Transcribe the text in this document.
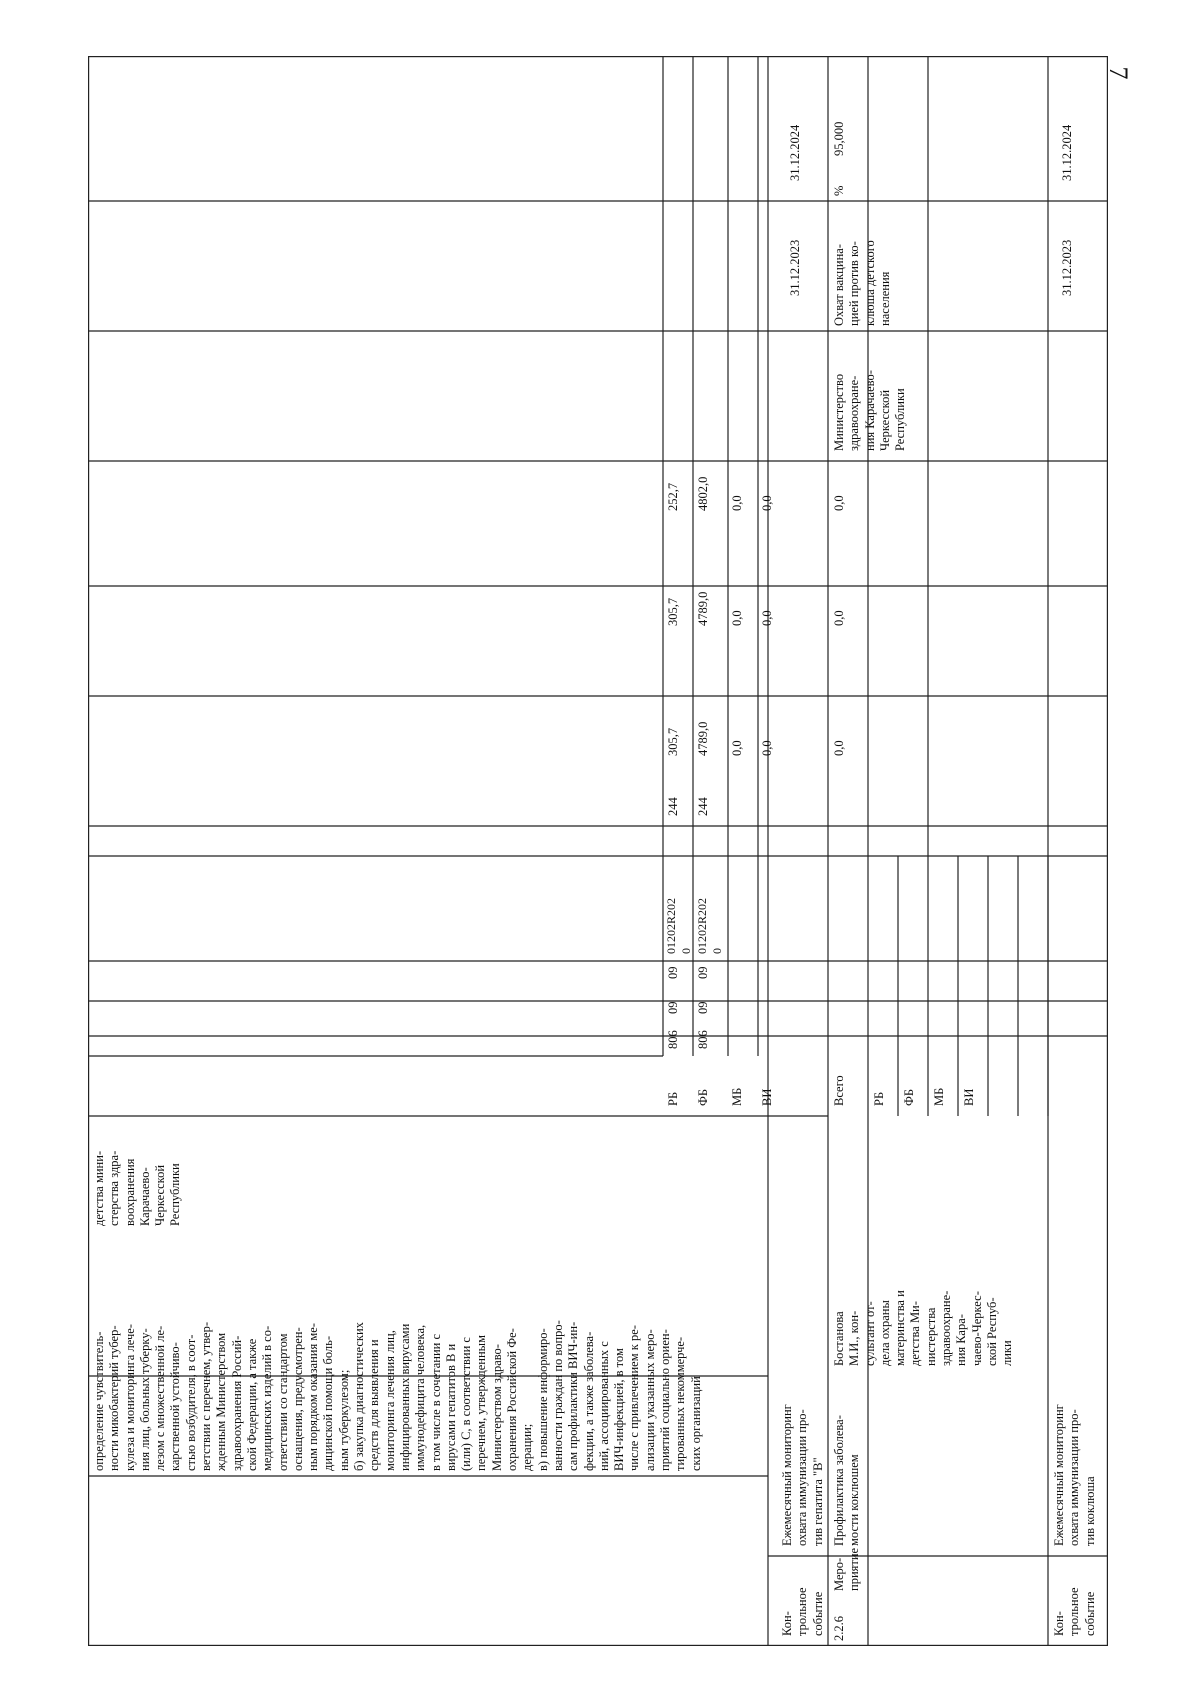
7
определение чувствитель-
ности микобактерий тубер-
кулеза и мониторинга лече-
ния лиц, больных туберку-
лезом с множественной ле-
карственной устойчиво-
стью возбудителя, в соот-
ветствии с перечнем, утвер-
жденным Министерством
здравоохранения Россий-
ской Федерации, а также
медицинских изделий в со-
ответствии со стандартом
оснащения, предусмотрен-
ным порядком оказания ме-
дицинской помощи боль-
ным туберкулезом;
б) закупка диагностических
средств для выявления и
мониторинга лечения лиц,
инфицированных вирусами
иммунодефицита человека,
в том числе в сочетании с
вирусами гепатитов В и
(или) С, в соответствии с
перечнем, утвержденным
Министерством здраво-
охранения Российской Фе-
дерации;
в) повышение информиро-
ванности граждан по вопро-
сам профилактики ВИЧ-ин-
фекции, а также заболева-
ний, ассоциированных с
ВИЧ-инфекцией, в том
числе с привлечением к ре-
ализации указанных меро-
приятий социально ориен-
тированных некоммерче-
ских организаций
детства мини-
стерства здра-
воохранения
Карачаево-
Черкесской
Республики
РБ
806
09
09
01202R202
0
244
305,7
305,7
252,7
ФБ
806
09
09
01202R202
0
244
4789,0
4789,0
4802,0
МБ
0,0
0,0
0,0
ВИ
0,0
0,0
0,0
Кон-
трольное
событие
Ежемесячный мониторинг
охвата иммунизации про-
тив гепатита "В"
31.12.2023
31.12.2024
2.2.6
Меро-
приятие
Профилактика заболева-
мости коклюшем
Бостанова
М.И., кон-
сультант от-
дела охраны
материнства и
детства Ми-
нистерства
здравоохране-
ния Кара-
чаево-Черкес-
ской Респуб-
лики
Всего
0,0
0,0
0,0
Министерство
здравоохране-
ния Карачаево-
Черкесской
Республики
Охват вакцина-
цией против ко-
клюша детского
населения
%
95,000
РБ ФБ МБ ВИ
Кон-
трольное
событие
Ежемесячный мониторинг
охвата иммунизации про-
тив коклюша
31.12.2023
31.12.2024
